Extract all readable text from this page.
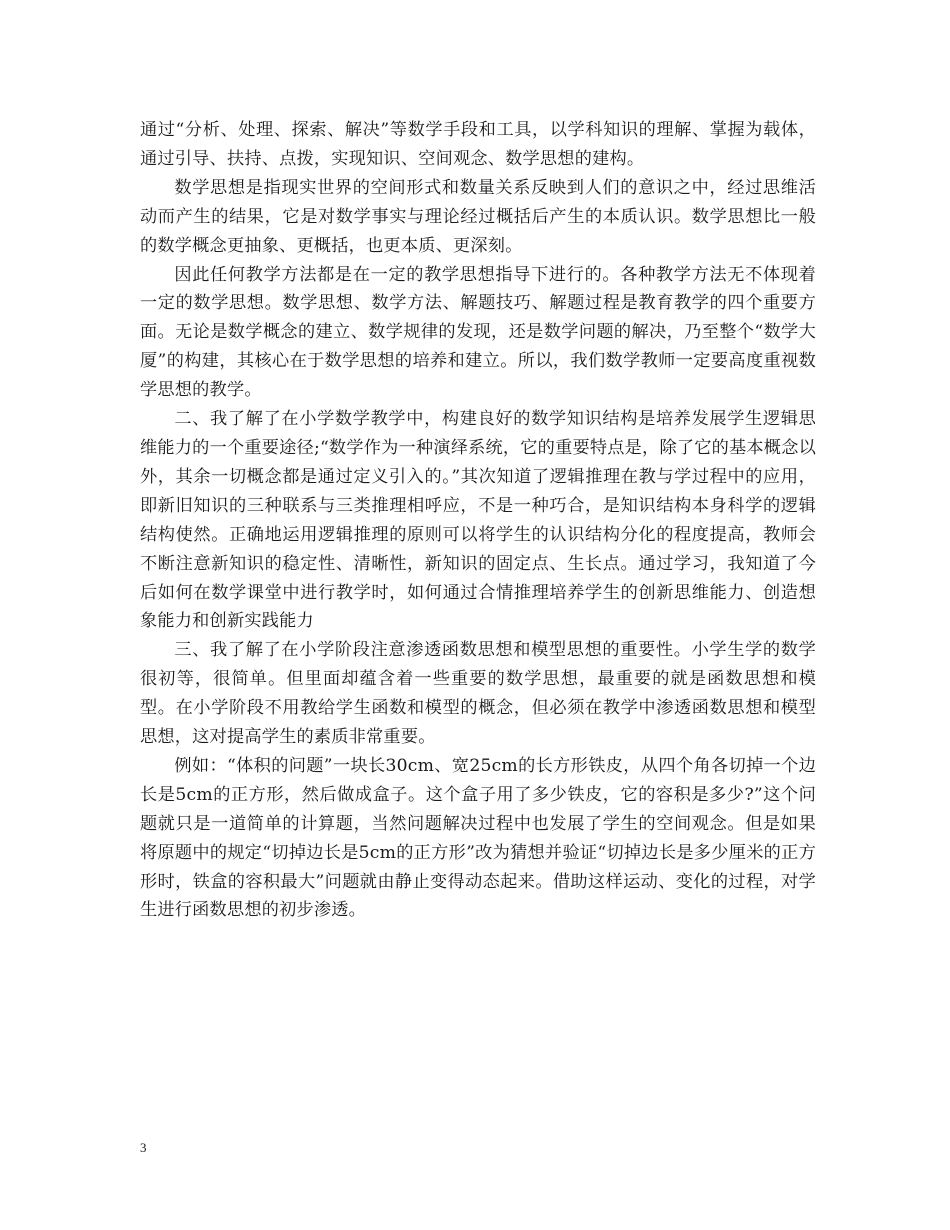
通过“分析、处理、探索、解决”等数学手段和工具，以学科知识的理解、掌握为载体，通过引导、扶持、点拨，实现知识、空间观念、数学思想的建构。

数学思想是指现实世界的空间形式和数量关系反映到人们的意识之中，经过思维活动而产生的结果，它是对数学事实与理论经过概括后产生的本质认识。数学思想比一般的数学概念更抽象、更概括，也更本质、更深刻。

因此任何教学方法都是在一定的教学思想指导下进行的。各种教学方法无不体现着一定的数学思想。数学思想、数学方法、解题技巧、解题过程是教育教学的四个重要方面。无论是数学概念的建立、数学规律的发现，还是数学问题的解决，乃至整个“数学大厦”的构建，其核心在于数学思想的培养和建立。所以，我们数学教师一定要高度重视数学思想的教学。

二、我了解了在小学数学教学中，构建良好的数学知识结构是培养发展学生逻辑思维能力的一个重要途径;“数学作为一种演绎系统，它的重要特点是，除了它的基本概念以外，其余一切概念都是通过定义引入的。”其次知道了逻辑推理在教与学过程中的应用，即新旧知识的三种联系与三类推理相呼应，不是一种巧合，是知识结构本身科学的逻辑结构使然。正确地运用逻辑推理的原则可以将学生的认识结构分化的程度提高，教师会不断注意新知识的稳定性、清晰性，新知识的固定点、生长点。通过学习，我知道了今后如何在数学课堂中进行教学时，如何通过合情推理培养学生的创新思维能力、创造想象能力和创新实践能力

三、我了解了在小学阶段注意渗透函数思想和模型思想的重要性。小学生学的数学很初等，很简单。但里面却蕴含着一些重要的数学思想，最重要的就是函数思想和模型。在小学阶段不用教给学生函数和模型的概念，但必须在教学中渗透函数思想和模型思想，这对提高学生的素质非常重要。

例如：“体积的问题”一块长30cm、宽25cm的长方形铁皮，从四个角各切掉一个边长是5cm的正方形，然后做成盒子。这个盒子用了多少铁皮，它的容积是多少?”这个问题就只是一道简单的计算题，当然问题解决过程中也发展了学生的空间观念。但是如果将原题中的规定“切掉边长是5cm的正方形”改为猜想并验证“切掉边长是多少厘米的正方形时，铁盒的容积最大”问题就由静止变得动态起来。借助这样运动、变化的过程，对学生进行函数思想的初步渗透。

3
